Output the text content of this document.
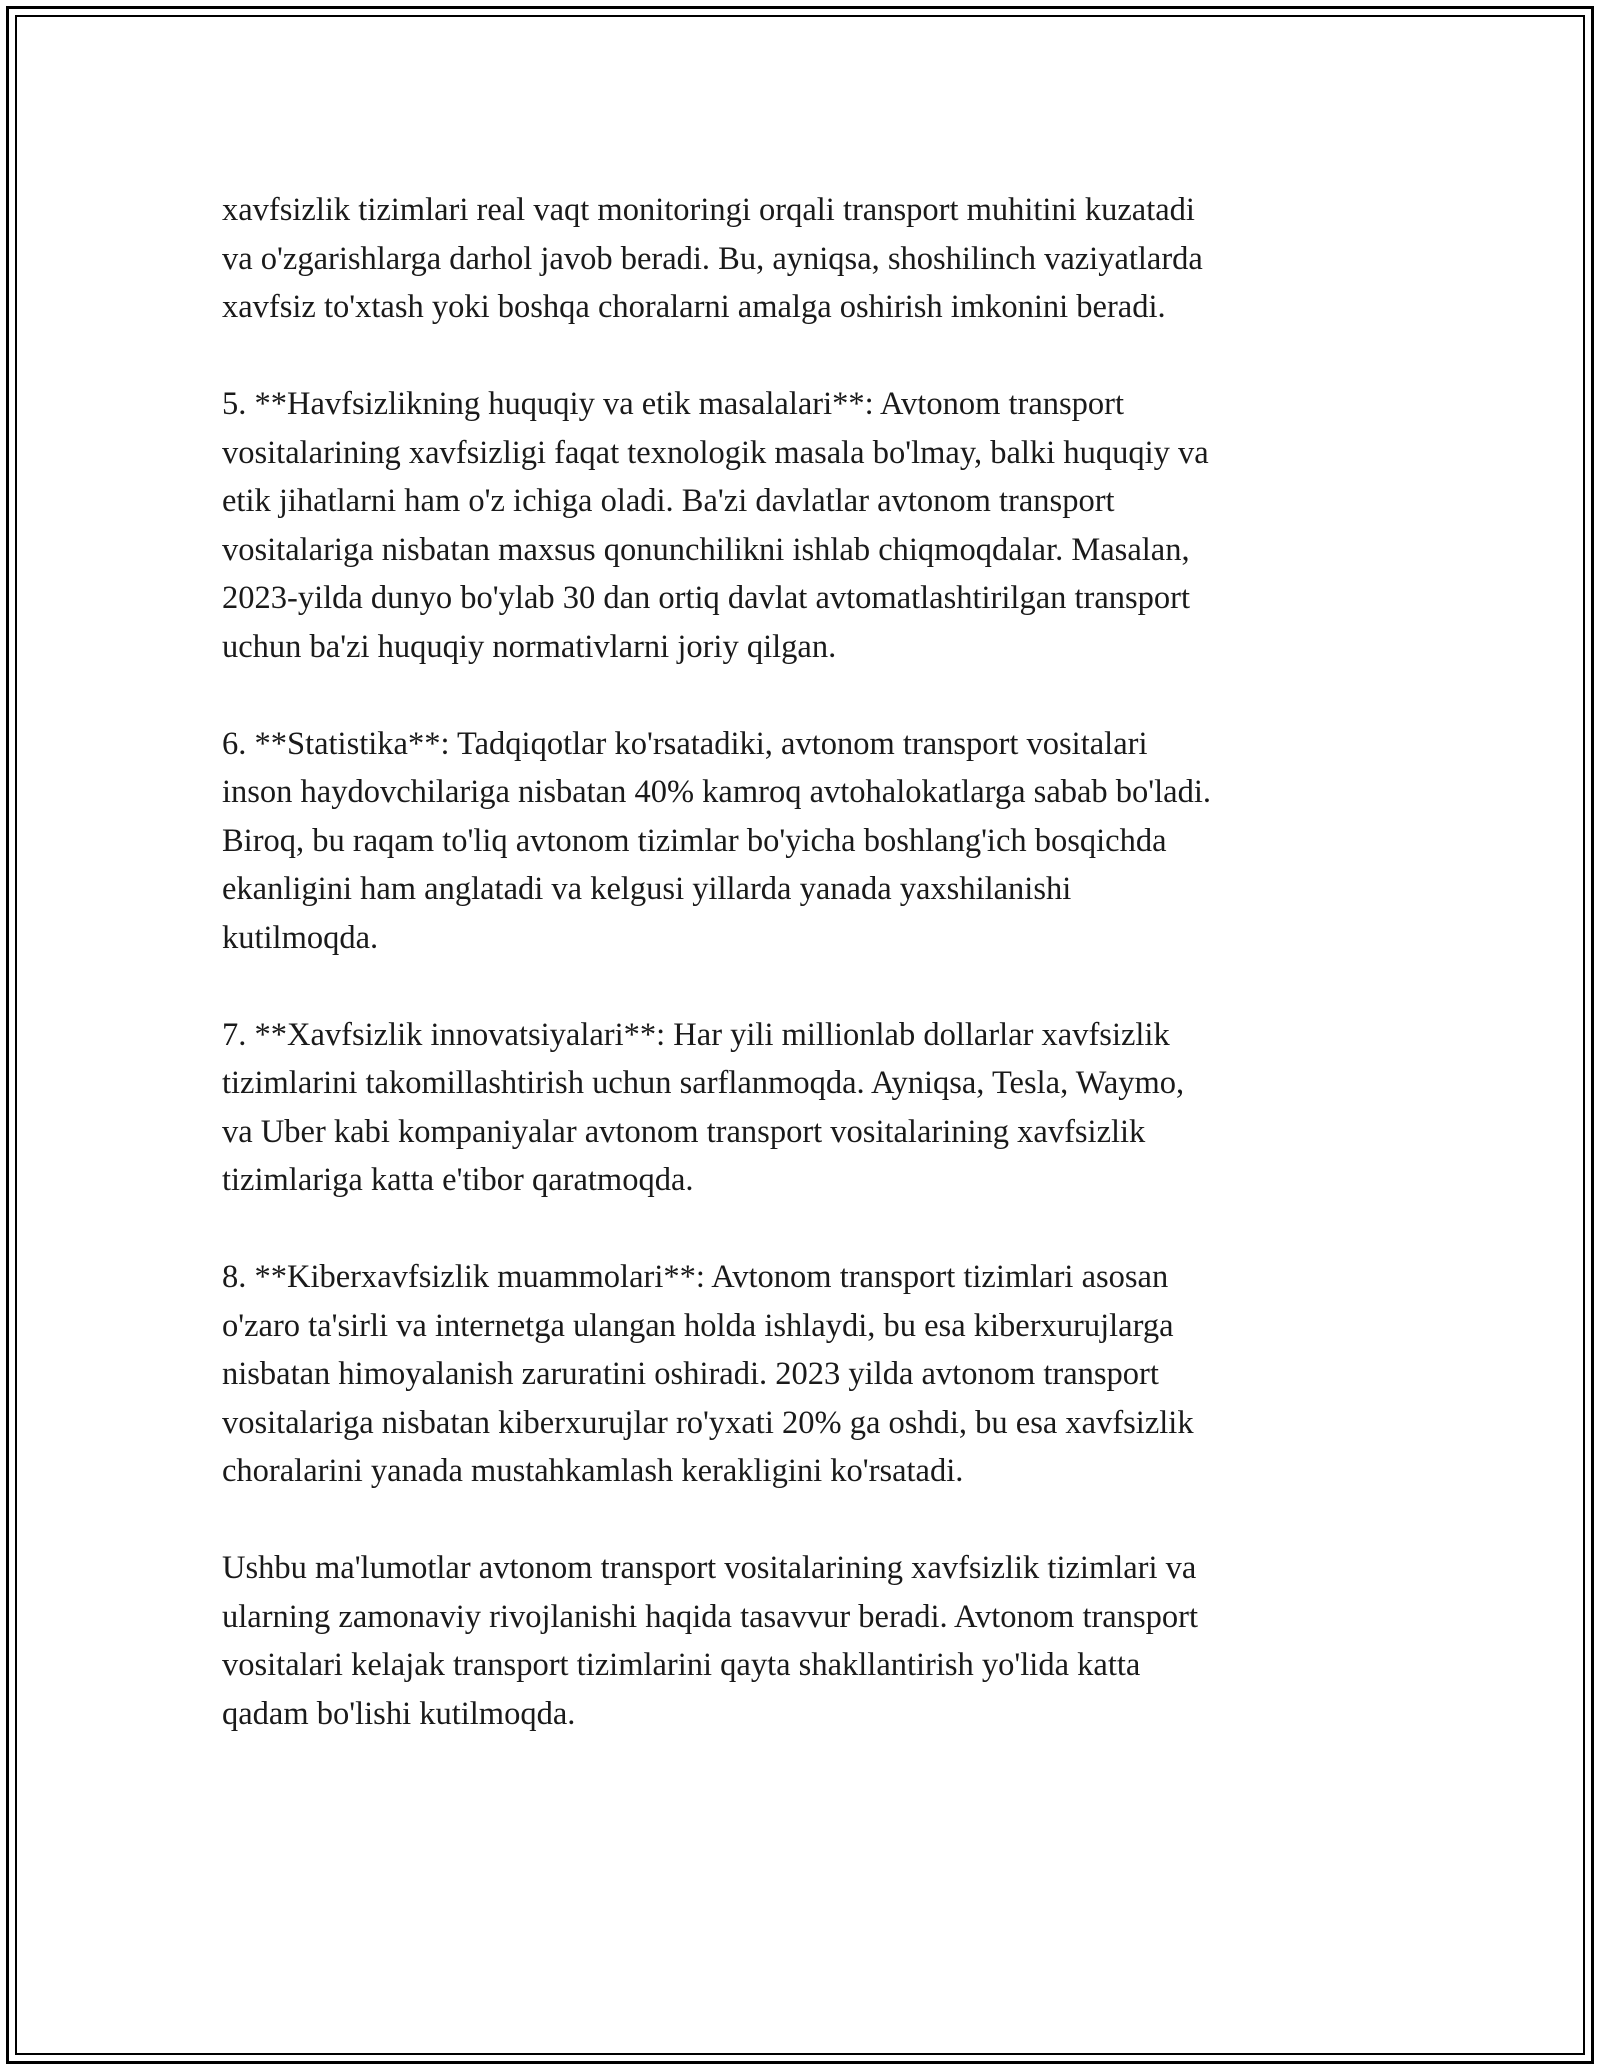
xavfsizlik tizimlari real vaqt monitoringi orqali transport muhitini kuzatadi
va o'zgarishlarga darhol javob beradi. Bu, ayniqsa, shoshilinch vaziyatlarda
xavfsiz to'xtash yoki boshqa choralarni amalga oshirish imkonini beradi.

5. **Havfsizlikning huquqiy va etik masalalari**: Avtonom transport
vositalarining xavfsizligi faqat texnologik masala bo'lmay, balki huquqiy va
etik jihatlarni ham o'z ichiga oladi. Ba'zi davlatlar avtonom transport
vositalariga nisbatan maxsus qonunchilikni ishlab chiqmoqdalar. Masalan,
2023-yilda dunyo bo'ylab 30 dan ortiq davlat avtomatlashtirilgan transport
uchun ba'zi huquqiy normativlarni joriy qilgan.

6. **Statistika**: Tadqiqotlar ko'rsatadiki, avtonom transport vositalari
inson haydovchilariga nisbatan 40% kamroq avtohalokatlarga sabab bo'ladi.
Biroq, bu raqam to'liq avtonom tizimlar bo'yicha boshlang'ich bosqichda
ekanligini ham anglatadi va kelgusi yillarda yanada yaxshilanishi
kutilmoqda.

7. **Xavfsizlik innovatsiyalari**: Har yili millionlab dollarlar xavfsizlik
tizimlarini takomillashtirish uchun sarflanmoqda. Ayniqsa, Tesla, Waymo,
va Uber kabi kompaniyalar avtonom transport vositalarining xavfsizlik
tizimlariga katta e'tibor qaratmoqda.

8. **Kiberxavfsizlik muammolari**: Avtonom transport tizimlari asosan
o'zaro ta'sirli va internetga ulangan holda ishlaydi, bu esa kiberxurujlarga
nisbatan himoyalanish zaruratini oshiradi. 2023 yilda avtonom transport
vositalariga nisbatan kiberxurujlar ro'yxati 20% ga oshdi, bu esa xavfsizlik
choralarini yanada mustahkamlash kerakligini ko'rsatadi.

Ushbu ma'lumotlar avtonom transport vositalarining xavfsizlik tizimlari va
ularning zamonaviy rivojlanishi haqida tasavvur beradi. Avtonom transport
vositalari kelajak transport tizimlarini qayta shakllantirish yo'lida katta
qadam bo'lishi kutilmoqda.
